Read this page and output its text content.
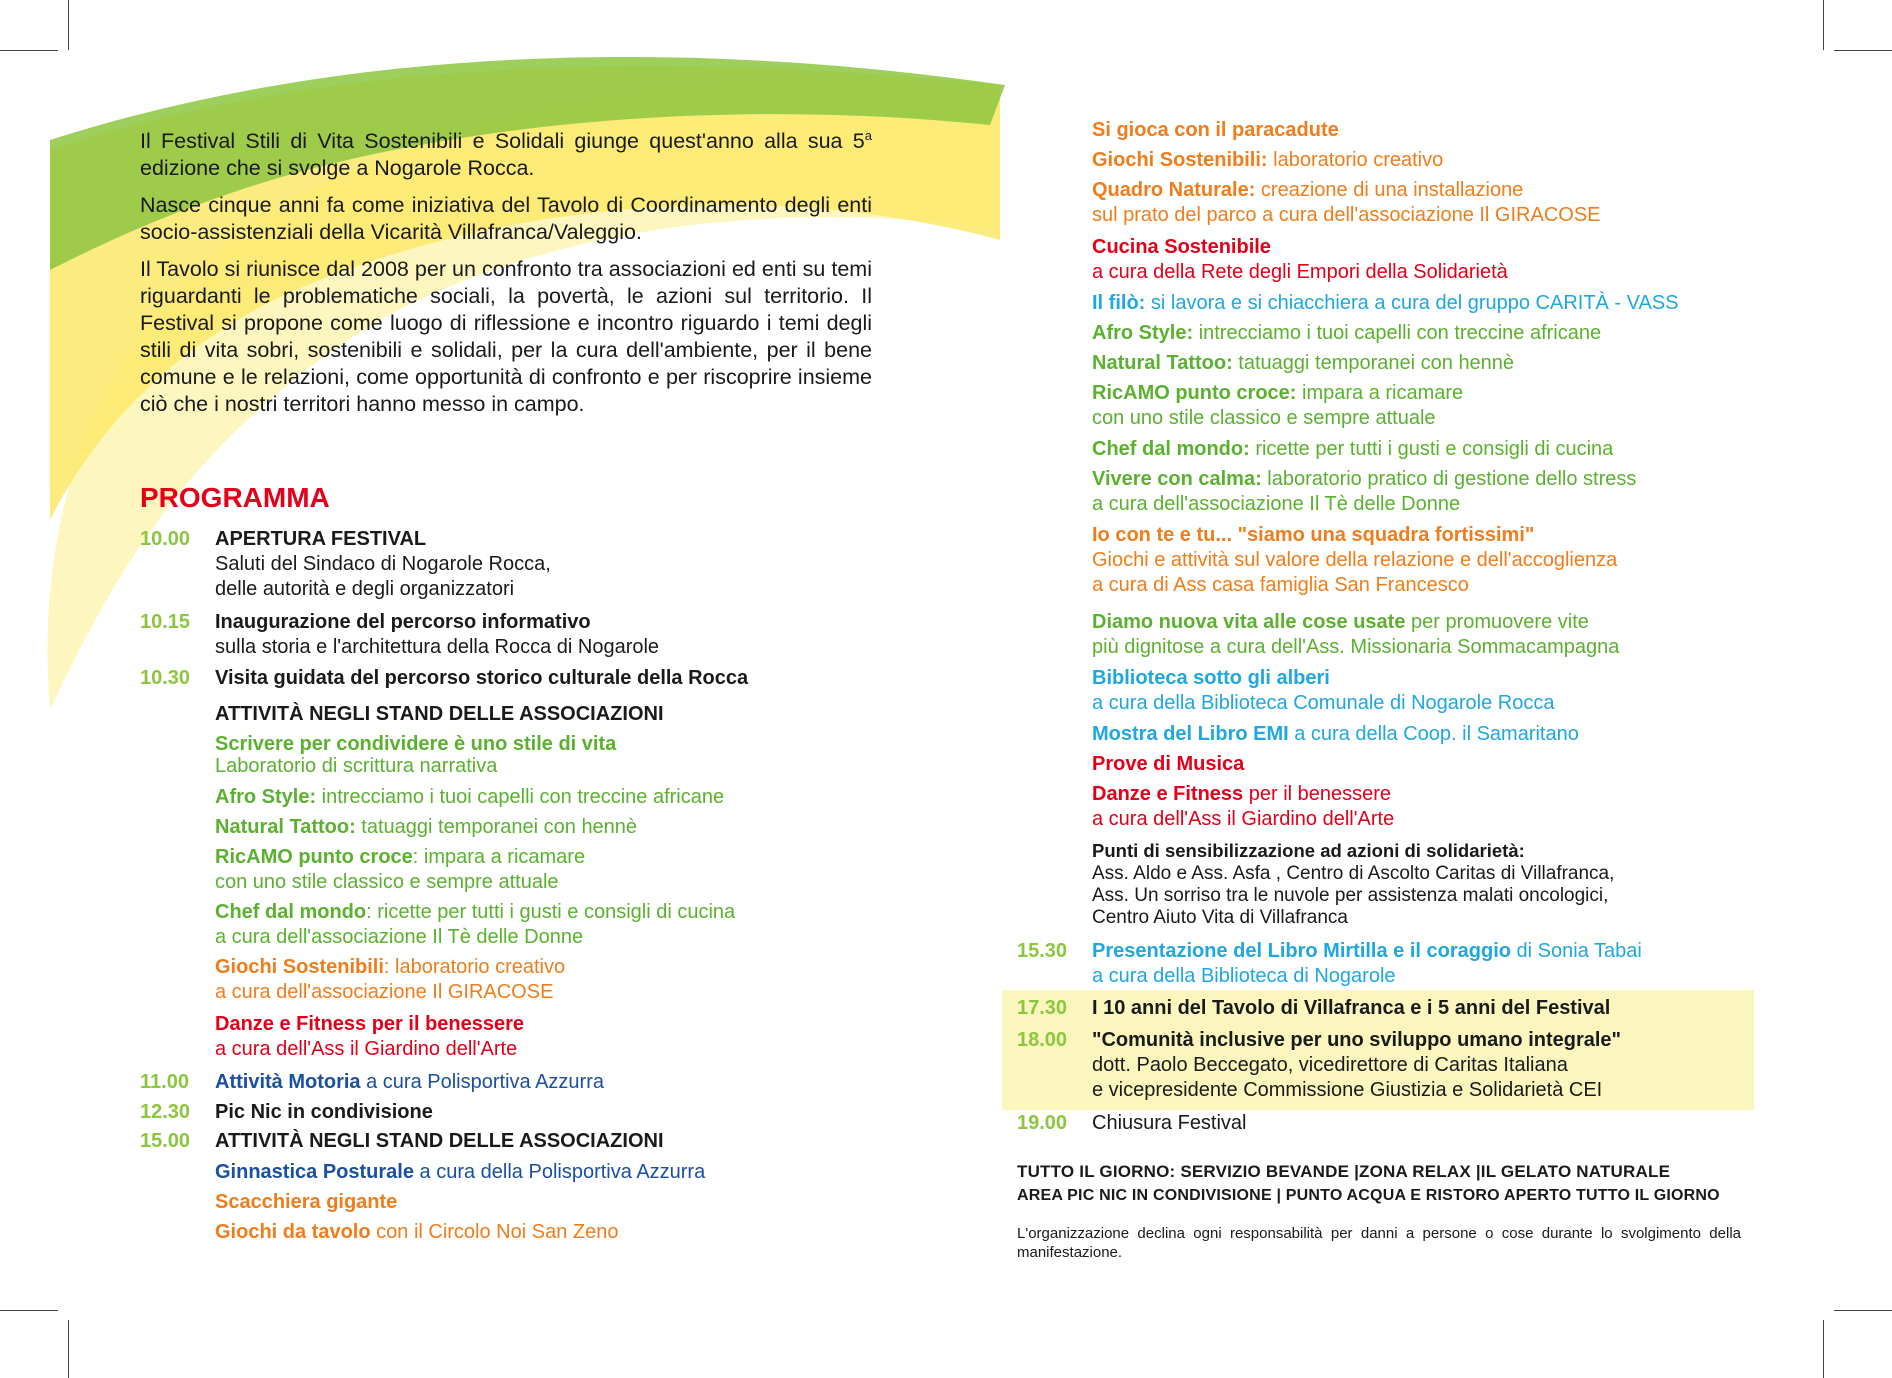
Il Festival Stili di Vita Sostenibili e Solidali giunge quest'anno alla sua 5$^a$ edizione che si svolge a Nogarole Rocca.

Nasce cinque anni fa come iniziativa del Tavolo di Coordinamento degli enti socio-assistenziali della Vicarità Villafranca/Valeggio.

Il Tavolo si riunisce dal 2008 per un confronto tra associazioni ed enti su temi riguardanti le problematiche sociali, la povertà, le azioni sul territorio. Il Festival si propone come luogo di riflessione e incontro riguardo i temi degli stili di vita sobri, sostenibili e solidali, per la cura dell'ambiente, per il bene comune e le relazioni, come opportunità di confronto e per riscoprire insieme ciò che i nostri territori hanno messo in campo.

PROGRAMMA
10.00 APERTURA FESTIVAL
Saluti del Sindaco di Nogarole Rocca,
delle autorità e degli organizzatori
10.15 Inaugurazione del percorso informativo
sulla storia e l'architettura della Rocca di Nogarole
10.30 Visita guidata del percorso storico culturale della Rocca
ATTIVITÀ NEGLI STAND DELLE ASSOCIAZIONI
Scrivere per condividere è uno stile di vita
Laboratorio di scrittura narrativa
Afro Style: intrecciamo i tuoi capelli con treccine africane
Natural Tattoo: tatuaggi temporanei con hennè
RicAMO punto croce: impara a ricamare
con uno stile classico e sempre attuale
Chef dal mondo: ricette per tutti i gusti e consigli di cucina
a cura dell'associazione Il Tè delle Donne
Giochi Sostenibili: laboratorio creativo
a cura dell'associazione Il GIRACOSE
Danze e Fitness per il benessere
a cura dell'Ass il Giardino dell'Arte
11.00 Attività Motoria a cura Polisportiva Azzurra
12.30 Pic Nic in condivisione
15.00 ATTIVITÀ NEGLI STAND DELLE ASSOCIAZIONI
Ginnastica Posturale a cura della Polisportiva Azzurra
Scacchiera gigante
Giochi da tavolo con il Circolo Noi San Zeno
Si gioca con il paracadute
Giochi Sostenibili: laboratorio creativo
Quadro Naturale: creazione di una installazione
sul prato del parco a cura dell'associazione Il GIRACOSE
Cucina Sostenibile
a cura della Rete degli Empori della Solidarietà
Il filò: si lavora e si chiacchiera a cura del gruppo CARITÀ - VASS
Afro Style: intrecciamo i tuoi capelli con treccine africane
Natural Tattoo: tatuaggi temporanei con hennè
RicAMO punto croce: impara a ricamare
con uno stile classico e sempre attuale
Chef dal mondo: ricette per tutti i gusti e consigli di cucina
Vivere con calma: laboratorio pratico di gestione dello stress
a cura dell'associazione Il Tè delle Donne
Io con te e tu... "siamo una squadra fortissimi"
Giochi e attività sul valore della relazione e dell'accoglienza
a cura di Ass casa famiglia San Francesco
Diamo nuova vita alle cose usate per promuovere vite
più dignitose a cura dell'Ass. Missionaria Sommacampagna
Biblioteca sotto gli alberi
a cura della Biblioteca Comunale di Nogarole Rocca
Mostra del Libro EMI a cura della Coop. il Samaritano
Prove di Musica
Danze e Fitness per il benessere
a cura dell'Ass il Giardino dell'Arte
Punti di sensibilizzazione ad azioni di solidarietà:
Ass. Aldo e Ass. Asfa , Centro di Ascolto Caritas di Villafranca,
Ass. Un sorriso tra le nuvole per assistenza malati oncologici,
Centro Aiuto Vita di Villafranca
15.30 Presentazione del Libro Mirtilla e il coraggio di Sonia Tabai
a cura della Biblioteca di Nogarole
17.30 I 10 anni del Tavolo di Villafranca e i 5 anni del Festival
18.00 "Comunità inclusive per uno sviluppo umano integrale"
dott. Paolo Beccegato, vicedirettore di Caritas Italiana
e vicepresidente Commissione Giustizia e Solidarietà CEI
19.00 Chiusura Festival
TUTTO IL GIORNO: SERVIZIO BEVANDE |ZONA RELAX |IL GELATO NATURALE
AREA PIC NIC IN CONDIVISIONE | PUNTO ACQUA E RISTORO APERTO TUTTO IL GIORNO
L'organizzazione declina ogni responsabilità per danni a persone o cose durante lo svolgimento della manifestazione.
